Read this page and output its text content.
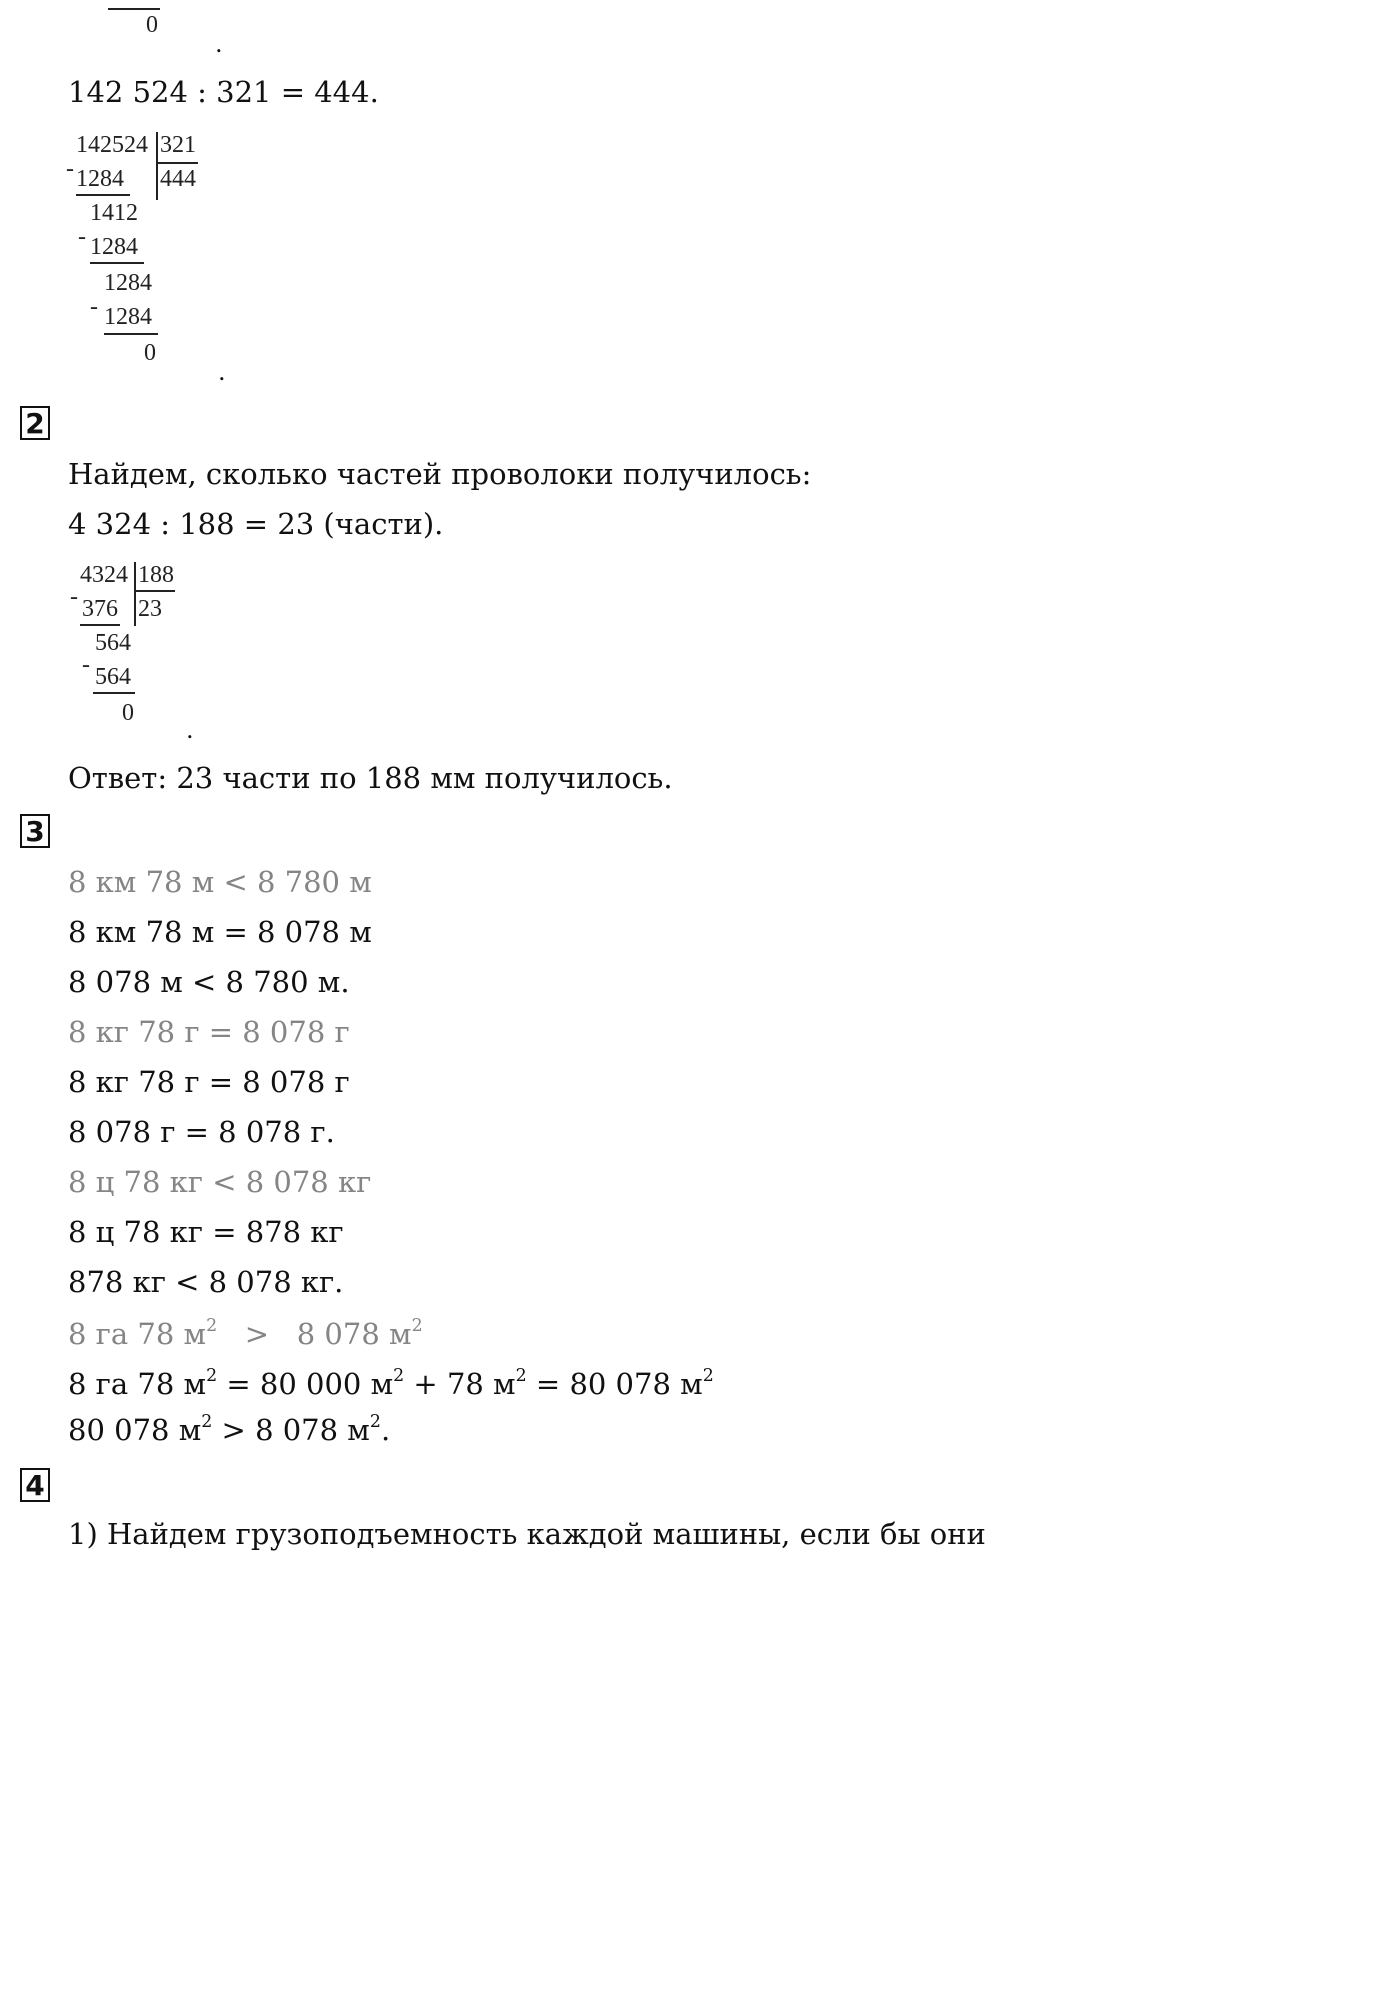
0
.
142 524 : 321 = 444.
142524 321
- 1284 444
1412
- 1284
1284
- 1284
0
.
2
Найдем, сколько частей проволоки получилось:
4 324 : 188 = 23 (части).
4324 188
- 376 23
564
- 564
0
.
Ответ: 23 части по 188 мм получилось.
3
8 км 78 м < 8 780 м
8 км 78 м = 8 078 м
8 078 м < 8 780 м.
8 кг 78 г = 8 078 г
8 кг 78 г = 8 078 г
8 078 г = 8 078 г.
8 ц 78 кг < 8 078 кг
8 ц 78 кг = 878 кг
878 кг < 8 078 кг.
8 га 78 $м^2 > 8$ 078 $м^2$
8 га 78 $м^2 = 80$ 000 $м^2 + 78$ $м^2 = 80$ 078 $м^2$
80 078 $м^2 > 8$ 078 $м^2$.
4
1) Найдем грузоподъемность каждой машины, если бы они
